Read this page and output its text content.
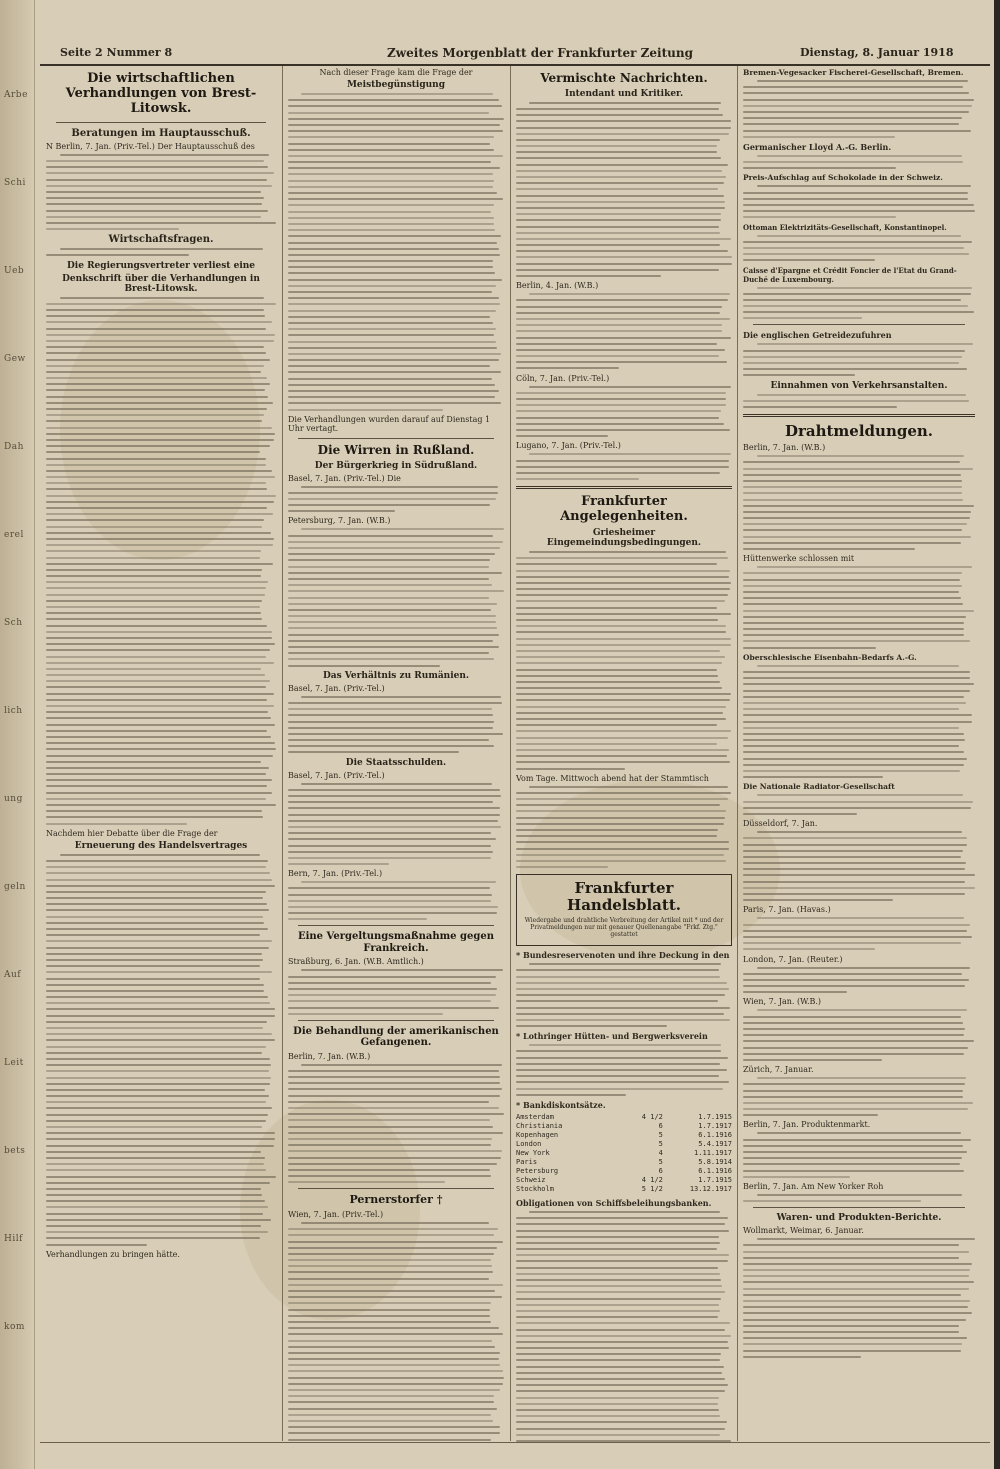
Arbe
Schi
Ueb
Gew
Dah
erel
Sch
lich
ung
geln
Auf
Leit
bets
Hilf
kom
Seite 2 Nummer 8	Zweites Morgenblatt der Frankfurter Zeitung	Dienstag, 8. Januar 1918
Die wirtschaftlichen Verhandlungen von Brest-Litowsk.
Beratungen im Hauptausschuß.
N Berlin, 7. Jan. (Priv.-Tel.) Der Hauptausschuß des
Wirtschaftsfragen.
Die Regierungsvertreter verliest eine
Denkschrift über die Verhandlungen in Brest-Litowsk.
Nachdem hier Debatte über die Frage der
Erneuerung des Handelsvertrages
Verhandlungen zu bringen hätte.
Nach dieser Frage kam die Frage der
Meistbegünstigung
Die Verhandlungen wurden darauf auf Dienstag 1 Uhr vertagt.
Die Wirren in Rußland.
Der Bürgerkrieg in Südrußland.
Basel, 7. Jan. (Priv.-Tel.) Die
Petersburg, 7. Jan. (W.B.)
Das Verhältnis zu Rumänien.
Basel, 7. Jan. (Priv.-Tel.)
Die Staatsschulden.
Basel, 7. Jan. (Priv.-Tel.)
Bern, 7. Jan. (Priv.-Tel.)
Eine Vergeltungsmaßnahme gegen Frankreich.
Straßburg, 6. Jan. (W.B. Amtlich.)
Die Behandlung der amerikanischen Gefangenen.
Berlin, 7. Jan. (W.B.)
Pernerstorfer †
Wien, 7. Jan. (Priv.-Tel.)
Vermischte Nachrichten.
Intendant und Kritiker.
Berlin, 4. Jan. (W.B.)
Cöln, 7. Jan. (Priv.-Tel.)
Lugano, 7. Jan. (Priv.-Tel.)
Frankfurter Angelegenheiten.
Griesheimer Eingemeindungsbedingungen.
Vom Tage. Mittwoch abend hat der Stammtisch
Frankfurter Handelsblatt.
Wiedergabe und drahtliche Verbreitung der Artikel mit * und der Privatmeldungen nur mit genauer Quellenangabe "Frkf. Ztg." gestattet
* Bundesreservenoten und ihre Deckung in den
* Lothringer Hütten- und Bergwerksverein
* Bankdiskontsätze.
Amsterdam	4 1/2	1.7.1915
Christiania	6	1.7.1917
Kopenhagen	5	6.1.1916
London	5	5.4.1917
New York	4	1.11.1917
Paris	5	5.8.1914
Petersburg	6	6.1.1916
Schweiz	4 1/2	1.7.1915
Stockholm	5 1/2	13.12.1917
Obligationen von Schiffsbeleihungsbanken.
Bremen-Vegesacker Fischerei-Gesellschaft, Bremen.
Germanischer Lloyd A.-G. Berlin.
Preis-Aufschlag auf Schokolade in der Schweiz.
Ottoman Elektrizitäts-Gesellschaft, Konstantinopel.
Caisse d'Epargne et Crédit Foncier de l'Etat du Grand-Duché de Luxembourg.
Die englischen Getreidezufuhren
Einnahmen von Verkehrsanstalten.
Drahtmeldungen.
Berlin, 7. Jan. (W.B.)
Hüttenwerke schlossen mit
Oberschlesische Eisenbahn-Bedarfs A.-G.
Die Nationale Radiator-Gesellschaft
Düsseldorf, 7. Jan.
Paris, 7. Jan. (Havas.)
London, 7. Jan. (Reuter.)
Wien, 7. Jan. (W.B.)
Zürich, 7. Januar.
Berlin, 7. Jan. Produktenmarkt.
Berlin, 7. Jan. Am New Yorker Roh
Waren- und Produkten-Berichte.
Wollmarkt, Weimar, 6. Januar.
